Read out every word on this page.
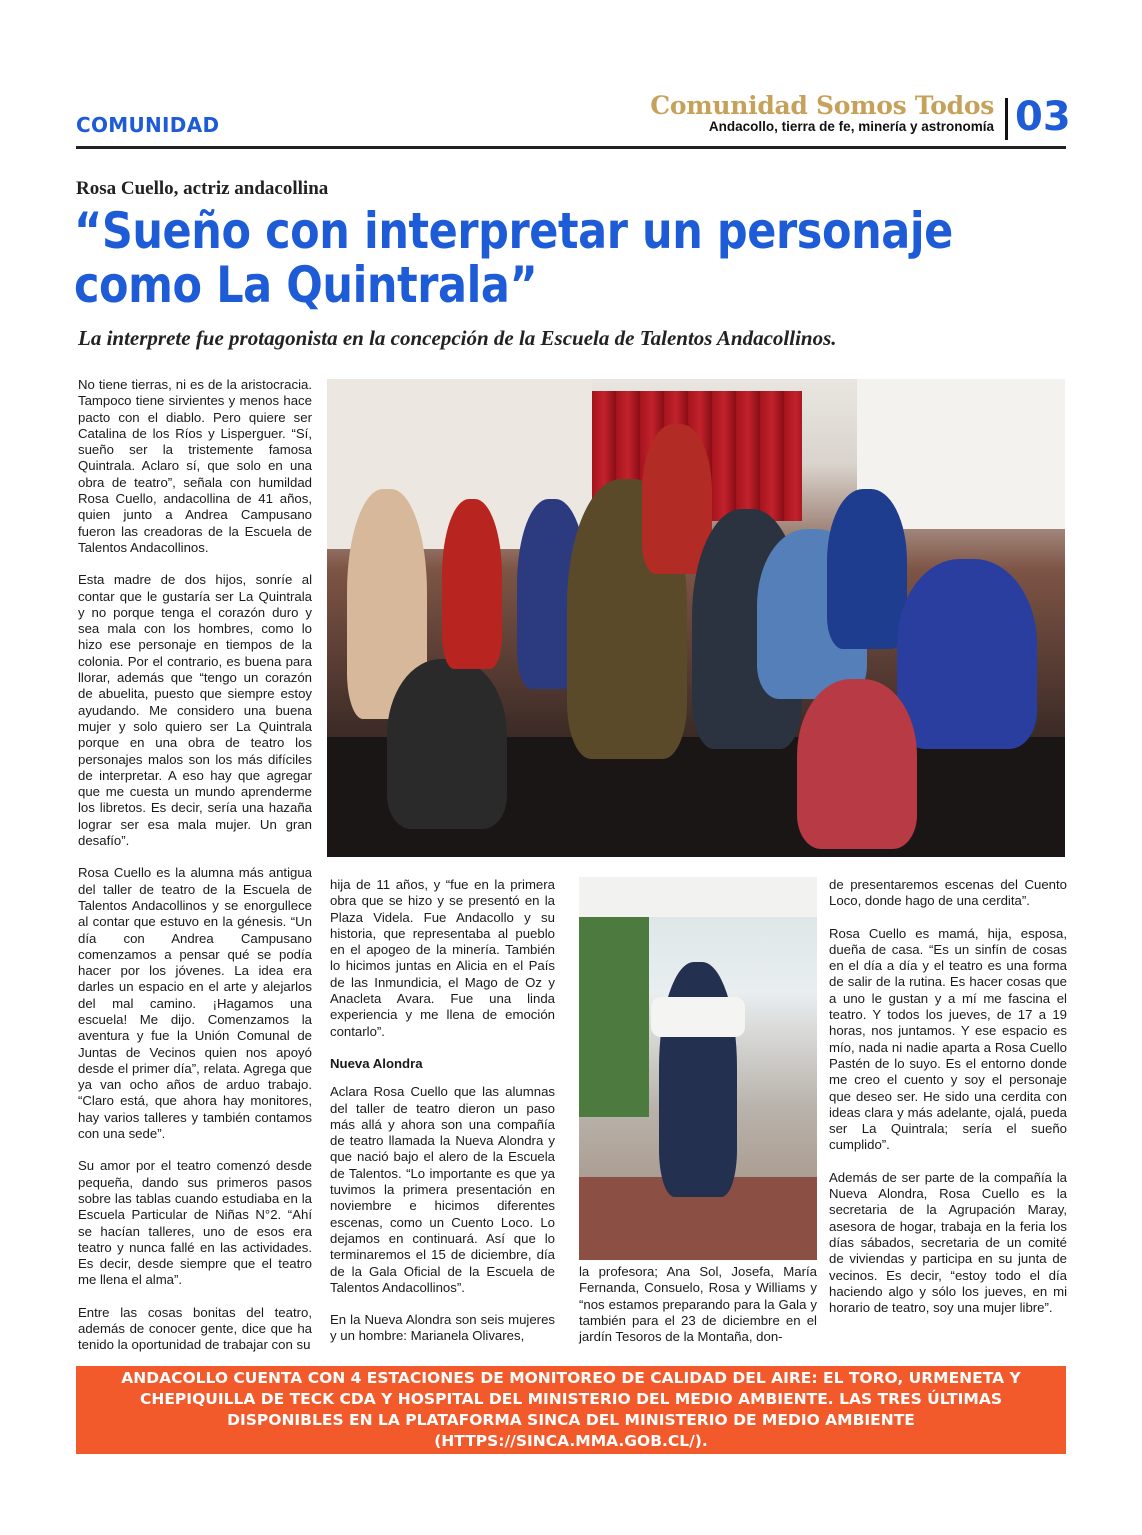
COMUNIDAD
Comunidad Somos Todos
Andacollo, tierra de fe, minería y astronomía 03
Rosa Cuello, actriz andacollina
“Sueño con interpretar un personaje
como La Quintrala”
La interprete fue protagonista en la concepción de la Escuela de Talentos Andacollinos.

No tiene tierras, ni es de la aristocracia. Tampoco tiene sirvientes y menos hace pacto con el diablo. Pero quiere ser Catalina de los Ríos y Lisperguer. “Sí, sueño ser la tristemente famosa Quintrala. Aclaro sí, que solo en una obra de teatro”, señala con humildad Rosa Cuello, andacollina de 41 años, quien junto a Andrea Campusano fueron las creadoras de la Escuela de Talentos Andacollinos.

Esta madre de dos hijos, sonríe al contar que le gustaría ser La Quintrala y no porque tenga el corazón duro y sea mala con los hombres, como lo hizo ese personaje en tiempos de la colonia. Por el contrario, es buena para llorar, además que “tengo un corazón de abuelita, puesto que siempre estoy ayudando. Me considero una buena mujer y solo quiero ser La Quintrala porque en una obra de teatro los personajes malos son los más difíciles de interpretar. A eso hay que agregar que me cuesta un mundo aprenderme los libretos. Es decir, sería una hazaña lograr ser esa mala mujer. Un gran desafío”.

Rosa Cuello es la alumna más antigua del taller de teatro de la Escuela de Talentos Andacollinos y se enorgullece al contar que estuvo en la génesis. “Un día con Andrea Campusano comenzamos a pensar qué se podía hacer por los jóvenes. La idea era darles un espacio en el arte y alejarlos del mal camino. ¡Hagamos una escuela! Me dijo. Comenzamos la aventura y fue la Unión Comunal de Juntas de Vecinos quien nos apoyó desde el primer día”, relata. Agrega que ya van ocho años de arduo trabajo. “Claro está, que ahora hay monitores, hay varios talleres y también contamos con una sede”.

Su amor por el teatro comenzó desde pequeña, dando sus primeros pasos sobre las tablas cuando estudiaba en la Escuela Particular de Niñas N°2. “Ahí se hacían talleres, uno de esos era teatro y nunca fallé en las actividades. Es decir, desde siempre que el teatro me llena el alma”.

Entre las cosas bonitas del teatro, además de conocer gente, dice que ha tenido la oportunidad de trabajar con su

hija de 11 años, y “fue en la primera obra que se hizo y se presentó en la Plaza Videla. Fue Andacollo y su historia, que representaba al pueblo en el apogeo de la minería. También lo hicimos juntas en Alicia en el País de las Inmundicia, el Mago de Oz y Anacleta Avara. Fue una linda experiencia y me llena de emoción contarlo”.

Nueva Alondra

Aclara Rosa Cuello que las alumnas del taller de teatro dieron un paso más allá y ahora son una compañía de teatro llamada la Nueva Alondra y que nació bajo el alero de la Escuela de Talentos. “Lo importante es que ya tuvimos la primera presentación en noviembre e hicimos diferentes escenas, como un Cuento Loco. Lo dejamos en continuará. Así que lo terminaremos el 15 de diciembre, día de la Gala Oficial de la Escuela de Talentos Andacollinos”.

En la Nueva Alondra son seis mujeres y un hombre: Marianela Olivares,

la profesora; Ana Sol, Josefa, María Fernanda, Consuelo, Rosa y Williams y “nos estamos preparando para la Gala y también para el 23 de diciembre en el jardín Tesoros de la Montaña, don-

de presentaremos escenas del Cuento Loco, donde hago de una cerdita”.

Rosa Cuello es mamá, hija, esposa, dueña de casa. “Es un sinfín de cosas en el día a día y el teatro es una forma de salir de la rutina. Es hacer cosas que a uno le gustan y a mí me fascina el teatro. Y todos los jueves, de 17 a 19 horas, nos juntamos. Y ese espacio es mío, nada ni nadie aparta a Rosa Cuello Pastén de lo suyo. Es el entorno donde me creo el cuento y soy el personaje que deseo ser. He sido una cerdita con ideas clara y más adelante, ojalá, pueda ser La Quintrala; sería el sueño cumplido”.

Además de ser parte de la compañía la Nueva Alondra, Rosa Cuello es la secretaria de la Agrupación Maray, asesora de hogar, trabaja en la feria los días sábados, secretaria de un comité de viviendas y participa en su junta de vecinos. Es decir, “estoy todo el día haciendo algo y sólo los jueves, en mi horario de teatro, soy una mujer libre”.

ANDACOLLO CUENTA CON 4 ESTACIONES DE MONITOREO DE CALIDAD DEL AIRE: EL TORO, URMENETA Y CHEPIQUILLA DE TECK CDA Y HOSPITAL DEL MINISTERIO DEL MEDIO AMBIENTE. LAS TRES ÚLTIMAS DISPONIBLES EN LA PLATAFORMA SINCA DEL MINISTERIO DE MEDIO AMBIENTE (HTTPS://SINCA.MMA.GOB.CL/).
